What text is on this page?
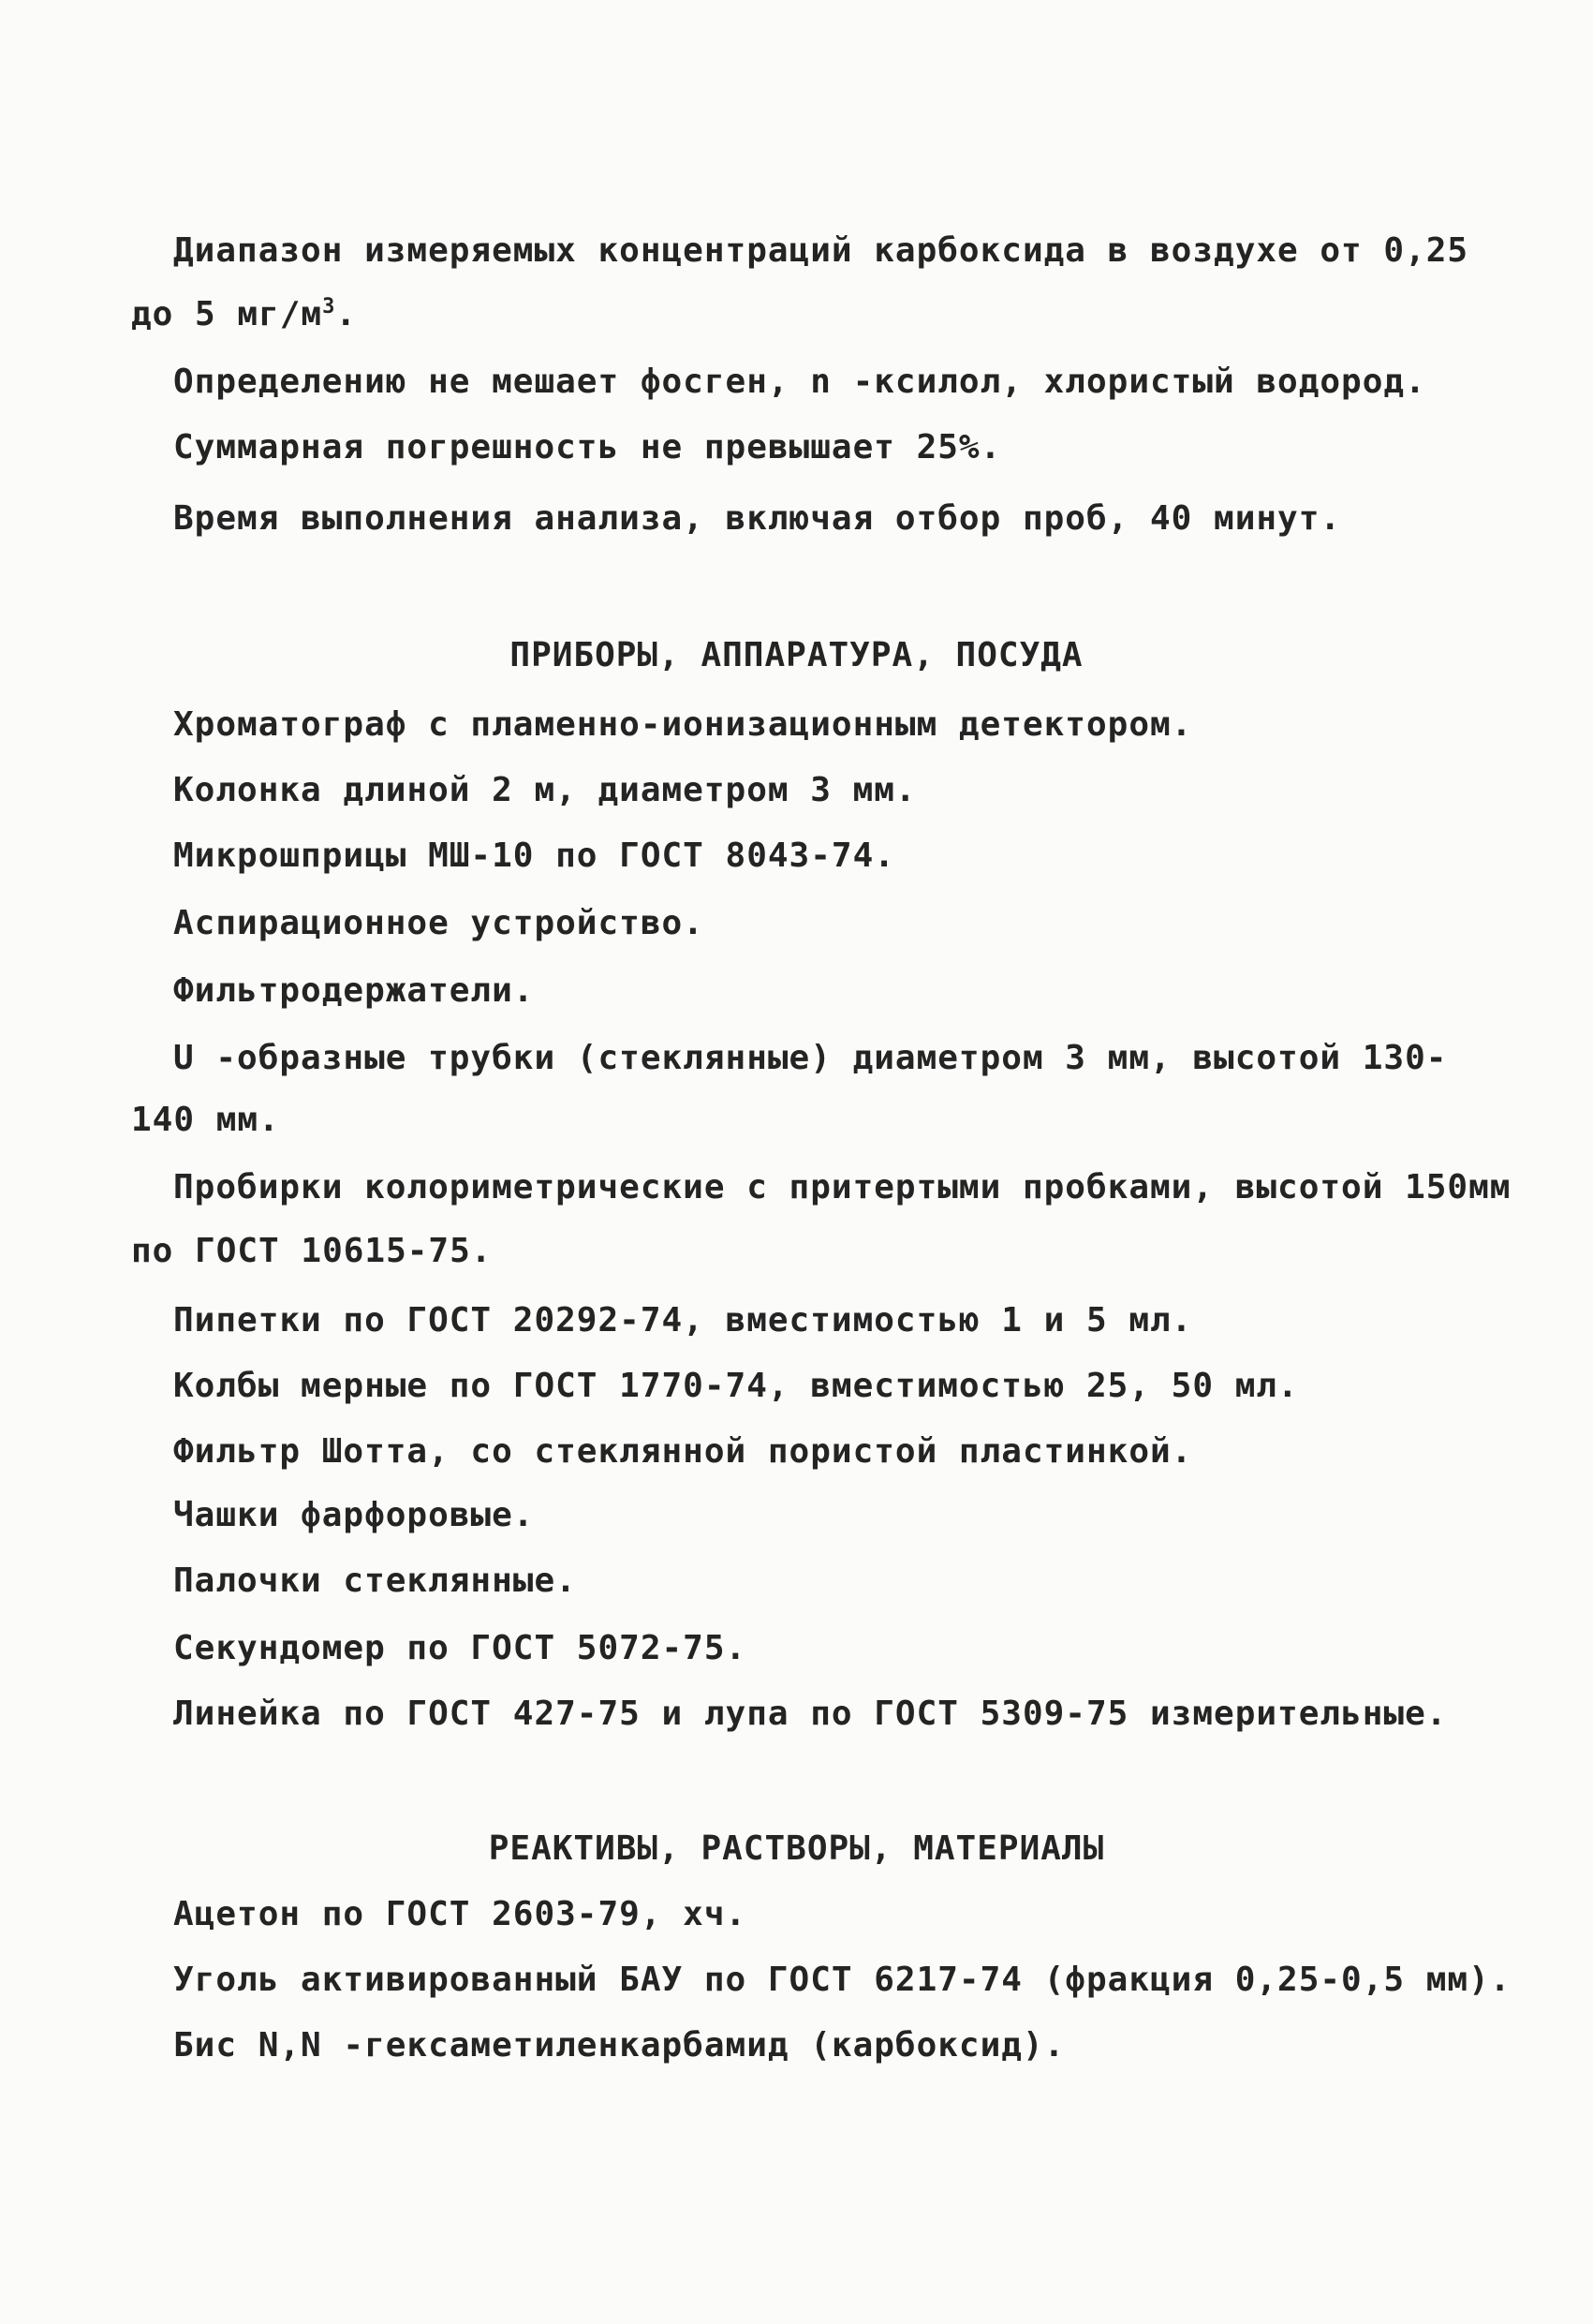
Диапазон измеряемых концентраций карбоксида в воздухе от 0,25
до 5 $мг/м^3$.
Определению не мешает фосген, n -ксилол, хлористый водород.
Суммарная погрешность не превышает 25%.
Время выполнения анализа, включая отбор проб, 40 минут.
ПРИБОРЫ, АППАРАТУРА, ПОСУДА
Хроматограф с пламенно-ионизационным детектором.
Колонка длиной 2 м, диаметром 3 мм.
Микрошприцы МШ-10 по ГОСТ 8043-74.
Аспирационное устройство.
Фильтродержатели.
U -образные трубки (стеклянные) диаметром 3 мм, высотой 130-
140 мм.
Пробирки колориметрические с притертыми пробками, высотой 150мм
по ГОСТ 10615-75.
Пипетки по ГОСТ 20292-74, вместимостью 1 и 5 мл.
Колбы мерные по ГОСТ 1770-74, вместимостью 25, 50 мл.
Фильтр Шотта, со стеклянной пористой пластинкой.
Чашки фарфоровые.
Палочки стеклянные.
Секундомер по ГОСТ 5072-75.
Линейка по ГОСТ 427-75 и лупа по ГОСТ 5309-75 измерительные.
РЕАКТИВЫ, РАСТВОРЫ, МАТЕРИАЛЫ
Ацетон по ГОСТ 2603-79, хч.
Уголь активированный БАУ по ГОСТ 6217-74 (фракция 0,25-0,5 мм).
Бис N,N -гексаметиленкарбамид (карбоксид).
